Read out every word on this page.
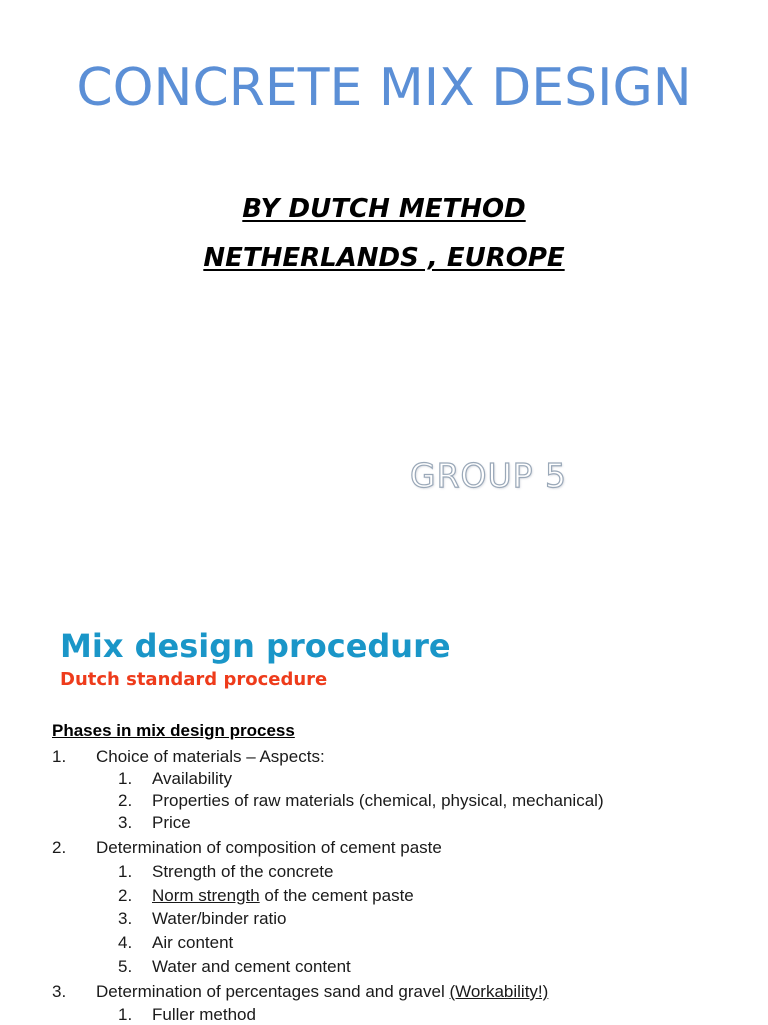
CONCRETE MIX DESIGN
BY DUTCH METHOD
NETHERLANDS , EUROPE
GROUP 5
Mix design procedure
Dutch standard procedure
Phases in mix design process
1. Choice of materials – Aspects:
1. Availability
2. Properties of raw materials (chemical, physical, mechanical)
3. Price
2. Determination of composition of cement paste
1. Strength of the concrete
2. Norm strength of the cement paste
3. Water/binder ratio
4. Air content
5. Water and cement content
3. Determination of percentages sand and gravel (Workability!)
1. Fuller method
